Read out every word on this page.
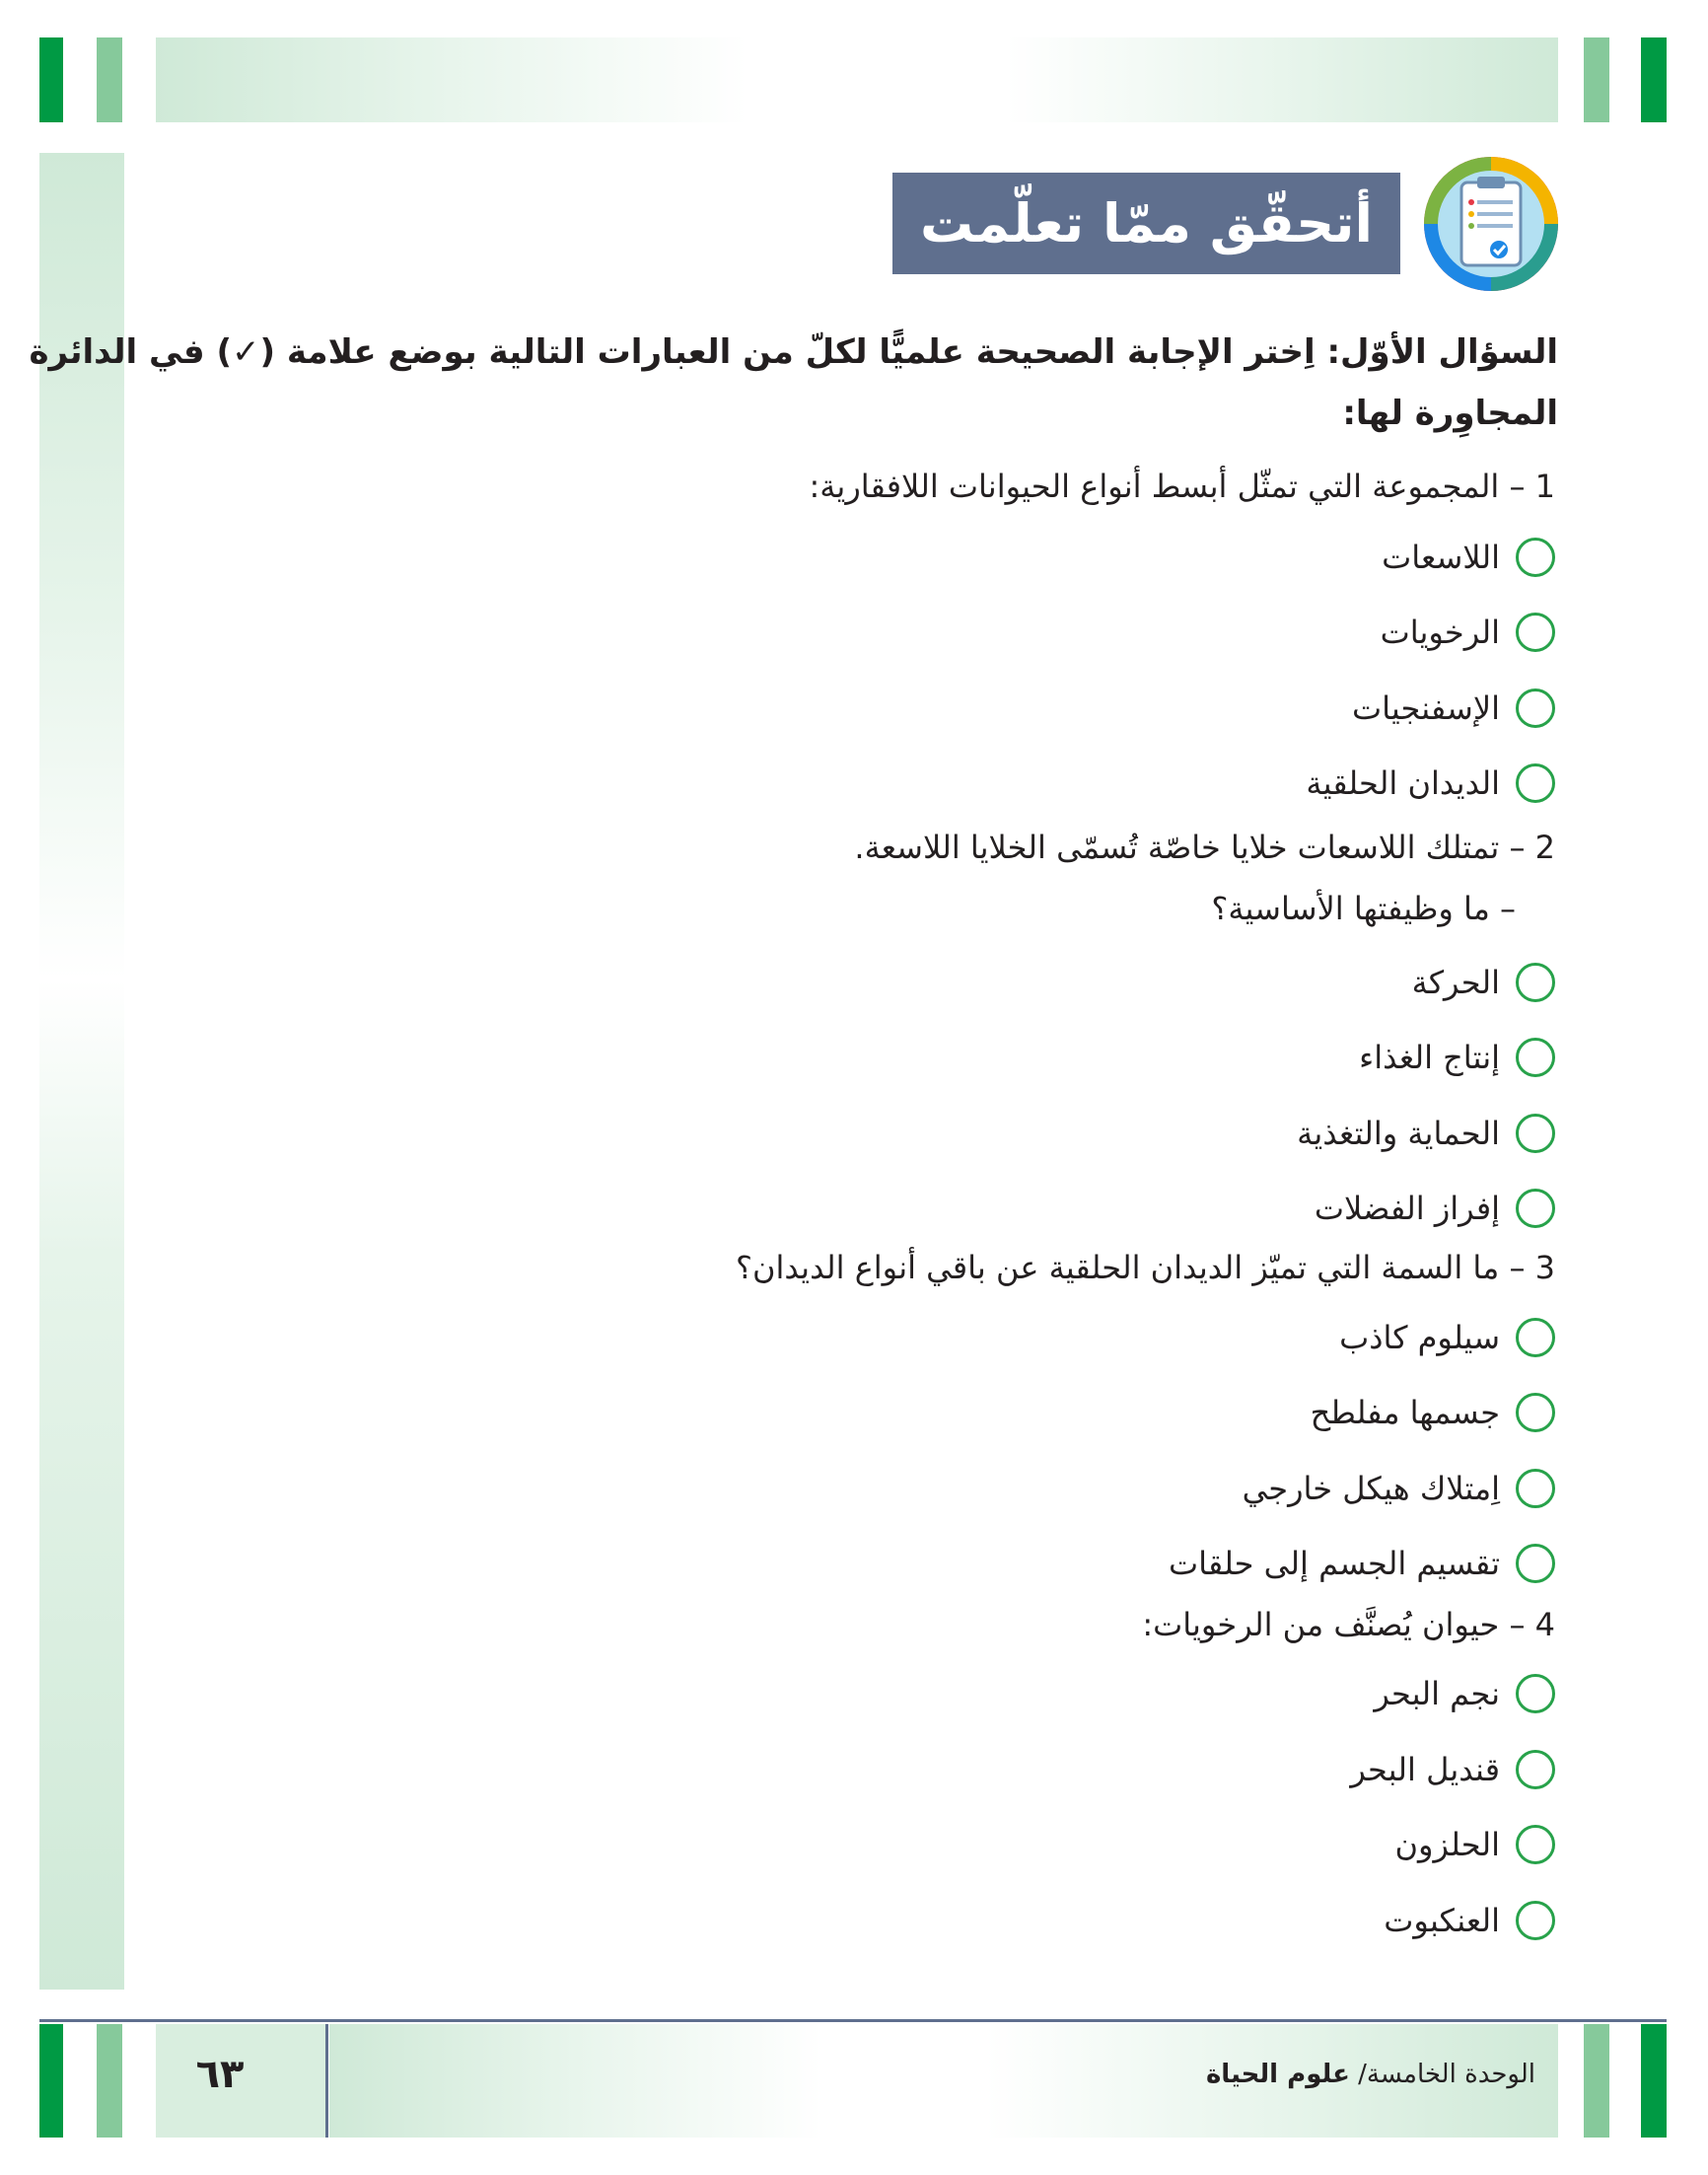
أتحقّق ممّا تعلّمت
السؤال الأوّل: اِختر الإجابة الصحيحة علميًّا لكلّ من العبارات التالية بوضع علامة (✓) في الدائرة
المجاوِرة لها:
1 – المجموعة التي تمثّل أبسط أنواع الحيوانات اللافقارية:
اللاسعات
الرخويات
الإسفنجيات
الديدان الحلقية
2 – تمتلك اللاسعات خلايا خاصّة تُسمّى الخلايا اللاسعة.
– ما وظيفتها الأساسية؟
الحركة
إنتاج الغذاء
الحماية والتغذية
إفراز الفضلات
3 – ما السمة التي تميّز الديدان الحلقية عن باقي أنواع الديدان؟
سيلوم كاذب
جسمها مفلطح
اِمتلاك هيكل خارجي
تقسيم الجسم إلى حلقات
4 – حيوان يُصنَّف من الرخويات:
نجم البحر
قنديل البحر
الحلزون
العنكبوت
٦٣	الوحدة الخامسة/ علوم الحياة
